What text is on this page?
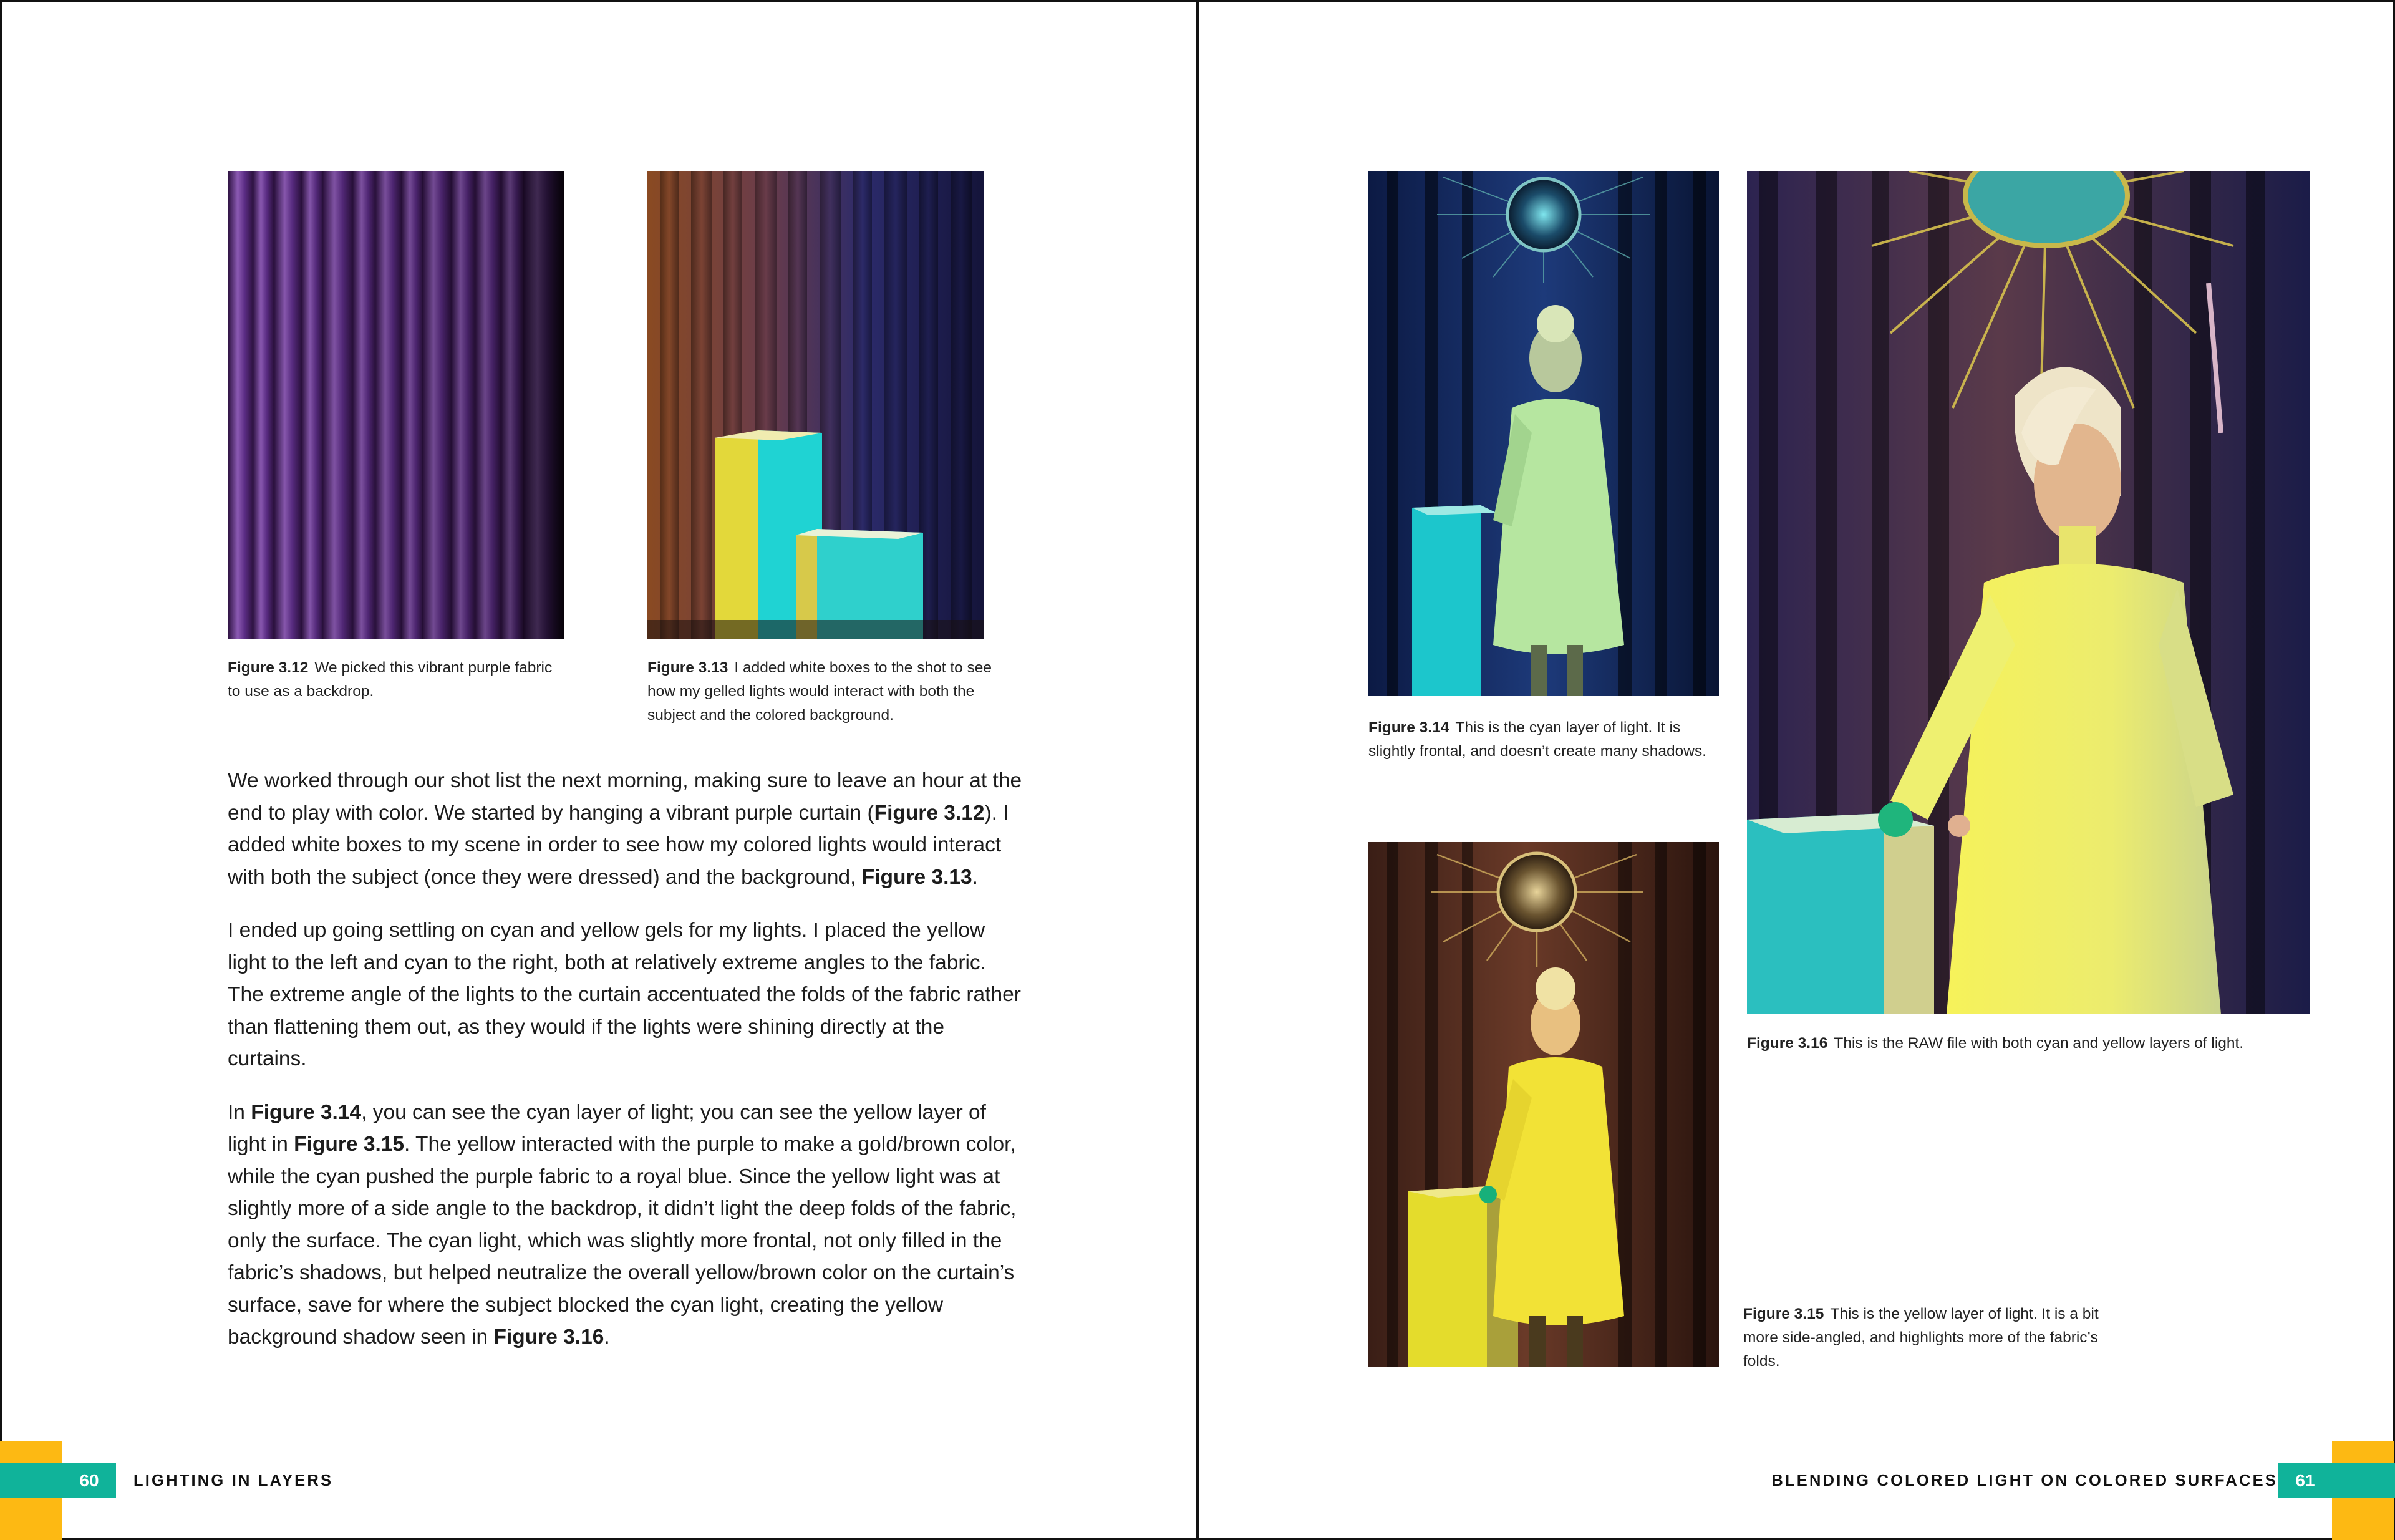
Figure 3.12 We picked this vibrant purple fabric to use as a backdrop.
Figure 3.13 I added white boxes to the shot to see how my gelled lights would interact with both the subject and the colored background.

We worked through our shot list the next morning, making sure to leave an hour at the end to play with color. We started by hanging a vibrant purple curtain (Figure 3.12). I added white boxes to my scene in order to see how my colored lights would interact with both the subject (once they were dressed) and the background, Figure 3.13.

I ended up going settling on cyan and yellow gels for my lights. I placed the yellow light to the left and cyan to the right, both at relatively extreme angles to the fabric. The extreme angle of the lights to the curtain accentuated the folds of the fabric rather than flattening them out, as they would if the lights were shining directly at the curtains.

In Figure 3.14, you can see the cyan layer of light; you can see the yellow layer of light in Figure 3.15. The yellow interacted with the purple to make a gold/brown color, while the cyan pushed the purple fabric to a royal blue. Since the yellow light was at slightly more of a side angle to the backdrop, it didn’t light the deep folds of the fabric, only the surface. The cyan light, which was slightly more frontal, not only filled in the fabric’s shadows, but helped neutralize the overall yellow/brown color on the curtain’s surface, save for where the subject blocked the cyan light, creating the yellow background shadow seen in Figure 3.16.

60	LIGHTING IN LAYERS
Figure 3.14 This is the cyan layer of light. It is slightly frontal, and doesn’t create many shadows.
Figure 3.16 This is the RAW file with both cyan and yellow layers of light.
Figure 3.15 This is the yellow layer of light. It is a bit more side-angled, and highlights more of the fabric’s folds.
BLENDING COLORED LIGHT ON COLORED SURFACES	61
